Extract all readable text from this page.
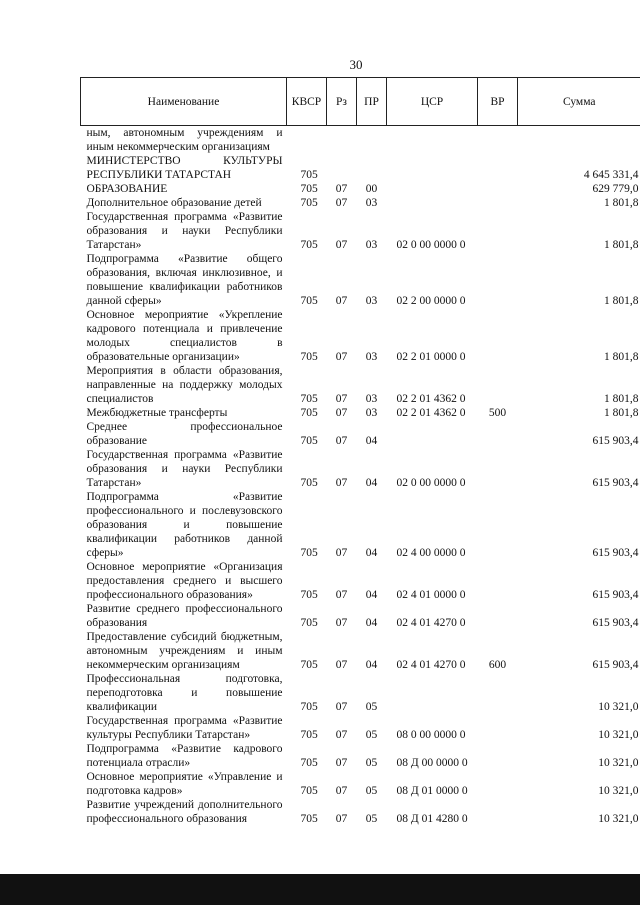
30
Наименование	КВСР	Рз	ПР	ЦСР	ВР	Сумма
ным, автономным учреждениям и иным некоммерческим организациям						
МИНИСТЕРСТВО КУЛЬТУРЫ РЕСПУБЛИКИ ТАТАРСТАН	705					4 645 331,4
ОБРАЗОВАНИЕ	705	07	00			629 779,0
Дополнительное образование детей	705	07	03			1 801,8
Государственная программа «Развитие образования и науки Республики Татарстан»	705	07	03	02 0 00 0000 0		1 801,8
Подпрограмма «Развитие общего образования, включая инклюзивное, и повышение квалификации работников данной сферы»	705	07	03	02 2 00 0000 0		1 801,8
Основное мероприятие «Укрепление кадрового потенциала и привлечение молодых специалистов в образовательные организации»	705	07	03	02 2 01 0000 0		1 801,8
Мероприятия в области образования, направленные на поддержку молодых специалистов	705	07	03	02 2 01 4362 0		1 801,8
Межбюджетные трансферты	705	07	03	02 2 01 4362 0	500	1 801,8
Среднее профессиональное образование	705	07	04			615 903,4
Государственная программа «Развитие образования и науки Республики Татарстан»	705	07	04	02 0 00 0000 0		615 903,4
Подпрограмма «Развитие профессионального и послевузовского образования и повышение квалификации работников данной сферы»	705	07	04	02 4 00 0000 0		615 903,4
Основное мероприятие «Организация предоставления среднего и высшего профессионального образования»	705	07	04	02 4 01 0000 0		615 903,4
Развитие среднего профессионального образования	705	07	04	02 4 01 4270 0		615 903,4
Предоставление субсидий бюджетным, автономным учреждениям и иным некоммерческим организациям	705	07	04	02 4 01 4270 0	600	615 903,4
Профессиональная подготовка, переподготовка и повышение квалификации	705	07	05			10 321,0
Государственная программа «Развитие культуры Республики Татарстан»	705	07	05	08 0 00 0000 0		10 321,0
Подпрограмма «Развитие кадрового потенциала отрасли»	705	07	05	08 Д 00 0000 0		10 321,0
Основное мероприятие «Управление и подготовка кадров»	705	07	05	08 Д 01 0000 0		10 321,0
Развитие учреждений дополнительного профессионального образования	705	07	05	08 Д 01 4280 0		10 321,0
